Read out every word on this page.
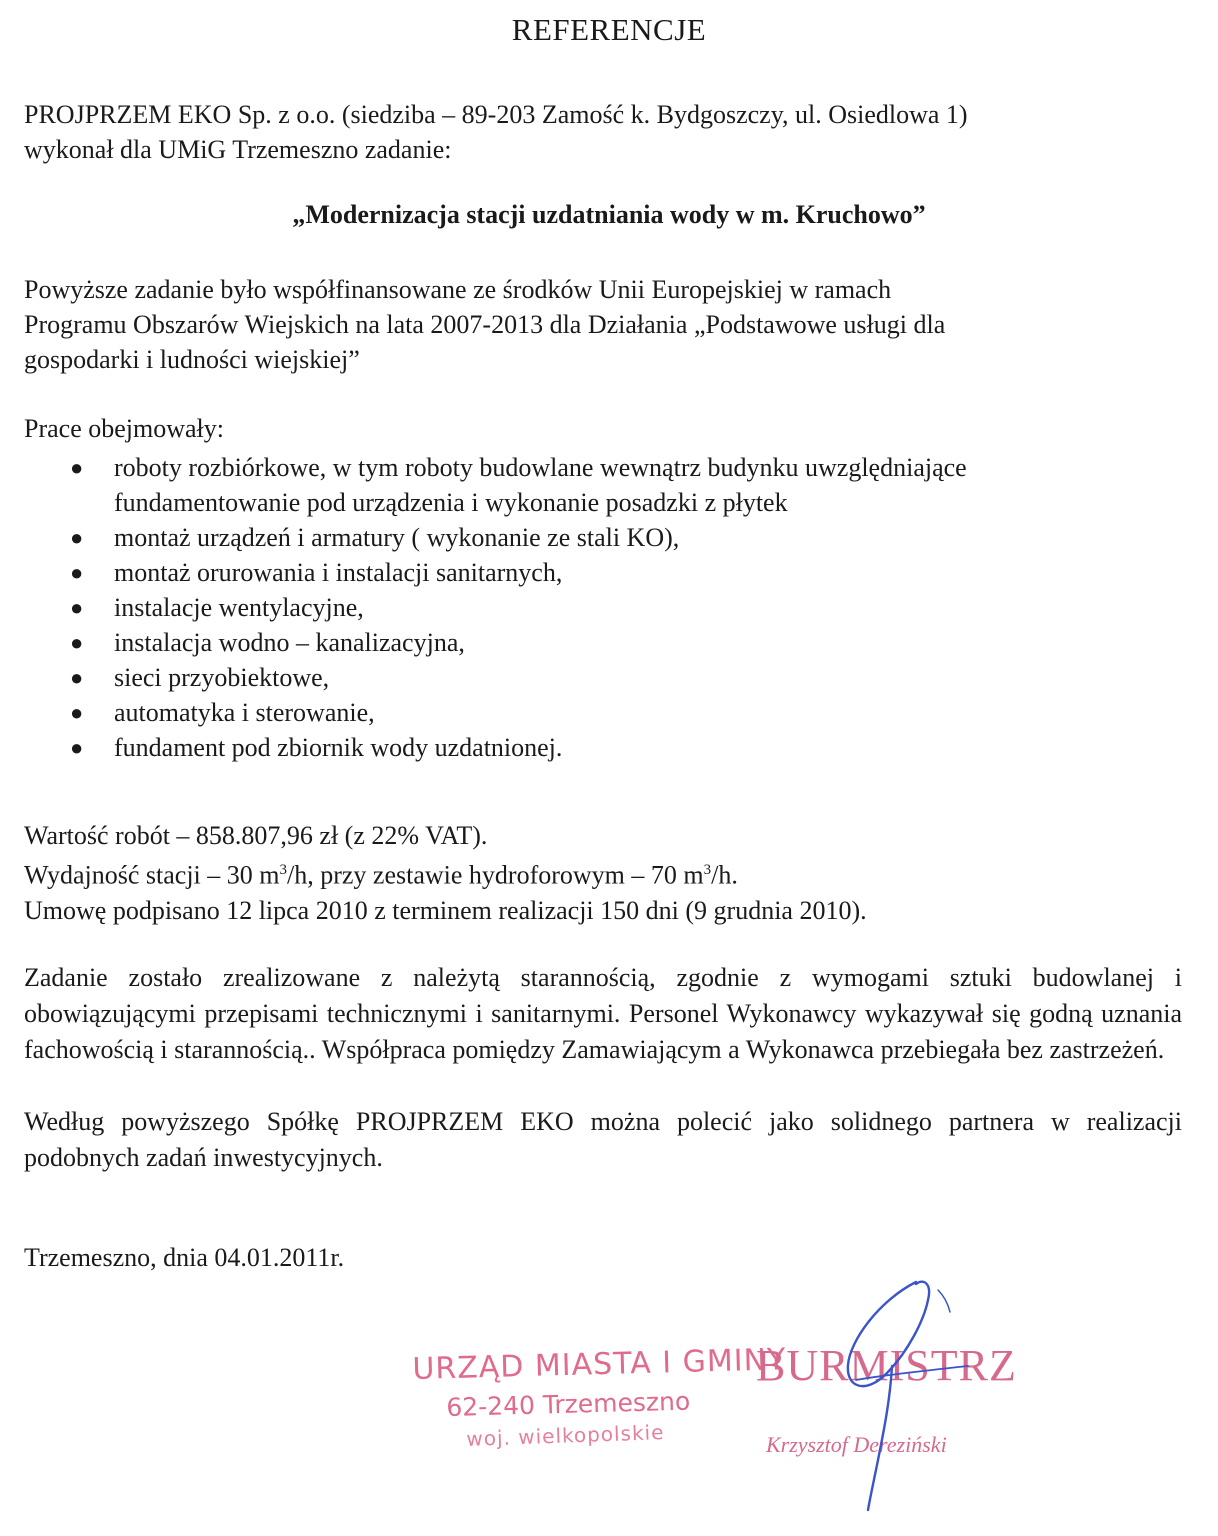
REFERENCJE
PROJPRZEM EKO Sp. z o.o. (siedziba – 89-203 Zamość k. Bydgoszczy, ul. Osiedlowa 1)
wykonał dla UMiG Trzemeszno zadanie:
„Modernizacja stacji uzdatniania wody w m. Kruchowo”
Powyższe zadanie było współfinansowane ze środków Unii Europejskiej w ramach
Programu Obszarów Wiejskich na lata 2007-2013 dla Działania „Podstawowe usługi dla
gospodarki i ludności wiejskiej”
Prace obejmowały:
● roboty rozbiórkowe, w tym roboty budowlane wewnątrz budynku uwzględniające
fundamentowanie pod urządzenia i wykonanie posadzki z płytek
● montaż urządzeń i armatury ( wykonanie ze stali KO),
● montaż orurowania i instalacji sanitarnych,
● instalacje wentylacyjne,
● instalacja wodno – kanalizacyjna,
● sieci przyobiektowe,
● automatyka i sterowanie,
● fundament pod zbiornik wody uzdatnionej.
Wartość robót – 858.807,96 zł (z 22% VAT).
Wydajność stacji – 30 $m^3/h$, przy zestawie hydroforowym – 70 $m^3/h$.
Umowę podpisano 12 lipca 2010 z terminem realizacji 150 dni (9 grudnia 2010).
Zadanie zostało zrealizowane z należytą starannością, zgodnie z wymogami sztuki budowlanej i obowiązującymi przepisami technicznymi i sanitarnymi. Personel Wykonawcy wykazywał się godną uznania fachowością i starannością.. Współpraca pomiędzy Zamawiającym a Wykonawca przebiegała bez zastrzeżeń.
Według powyższego Spółkę PROJPRZEM EKO można polecić jako solidnego partnera w realizacji podobnych zadań inwestycyjnych.
Trzemeszno, dnia 04.01.2011r.
URZĄD MIASTA I GMINY
62-240 Trzemeszno
woj. wielkopolskie
BURMISTRZ
Krzysztof Dereziński
